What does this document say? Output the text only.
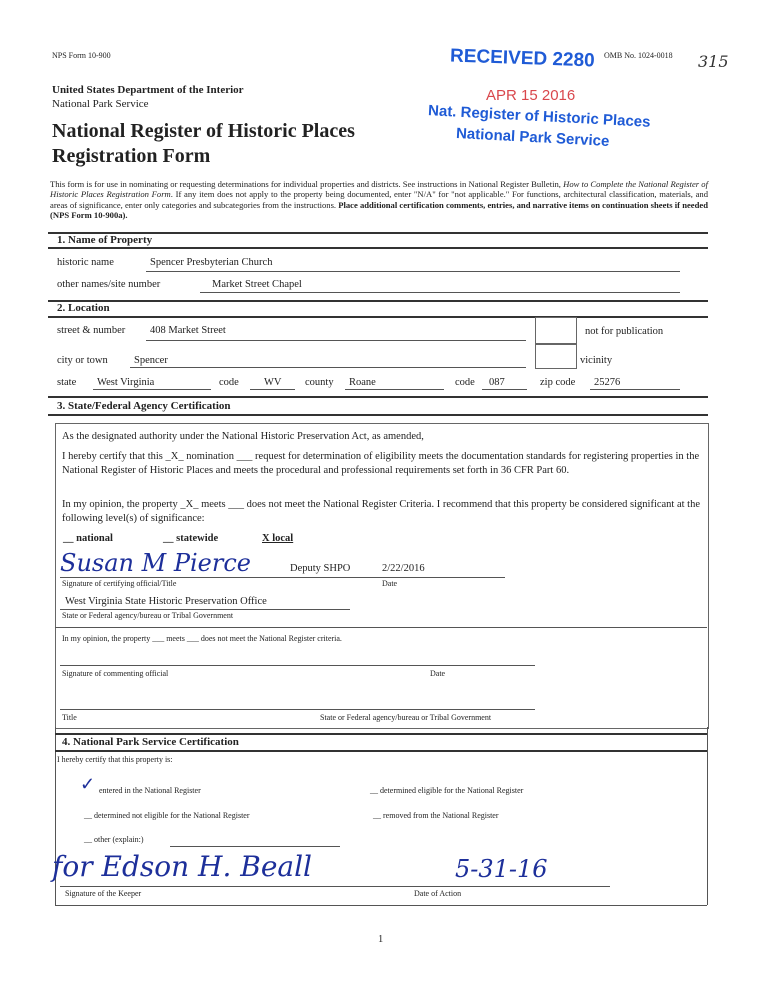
NPS Form 10-900	OMB No. 1024-0018 315
RECEIVED 2280
APR 15 2016
Nat. Register of Historic Places
National Park Service
United States Department of the Interior
National Park Service
National Register of Historic Places
Registration Form
This form is for use in nominating or requesting determinations for individual properties and districts. See instructions in National Register Bulletin, How to Complete the National Register of Historic Places Registration Form. If any item does not apply to the property being documented, enter "N/A" for "not applicable." For functions, architectural classification, materials, and areas of significance, enter only categories and subcategories from the instructions. Place additional certification comments, entries, and narrative items on continuation sheets if needed (NPS Form 10-900a).
1. Name of Property
historic name	Spencer Presbyterian Church
other names/site number	Market Street Chapel
2. Location
street & number 408 Market Street	not for publication
city or town	Spencer	vicinity
state West Virginia	code WV county Roane	code 087	zip code 25276
3. State/Federal Agency Certification
As the designated authority under the National Historic Preservation Act, as amended,
I hereby certify that this _X_ nomination ___ request for determination of eligibility meets the documentation standards for registering properties in the National Register of Historic Places and meets the procedural and professional requirements set forth in 36 CFR Part 60.
In my opinion, the property _X_ meets ___ does not meet the National Register Criteria. I recommend that this property be considered significant at the following level(s) of significance:
__ national	__ statewide	X local
Susan M Pierce	Deputy SHPO	2/22/2016
Signature of certifying official/Title	Date
West Virginia State Historic Preservation Office
State or Federal agency/bureau or Tribal Government
In my opinion, the property ___ meets ___ does not meet the National Register criteria.
Signature of commenting official	Date
Title	State or Federal agency/bureau or Tribal Government
4. National Park Service Certification
I hereby certify that this property is:
✓ entered in the National Register	__ determined eligible for the National Register
__ determined not eligible for the National Register	__ removed from the National Register
__ other (explain:)
for Edson H. Beall	5-31-16
Signature of the Keeper	Date of Action
1
